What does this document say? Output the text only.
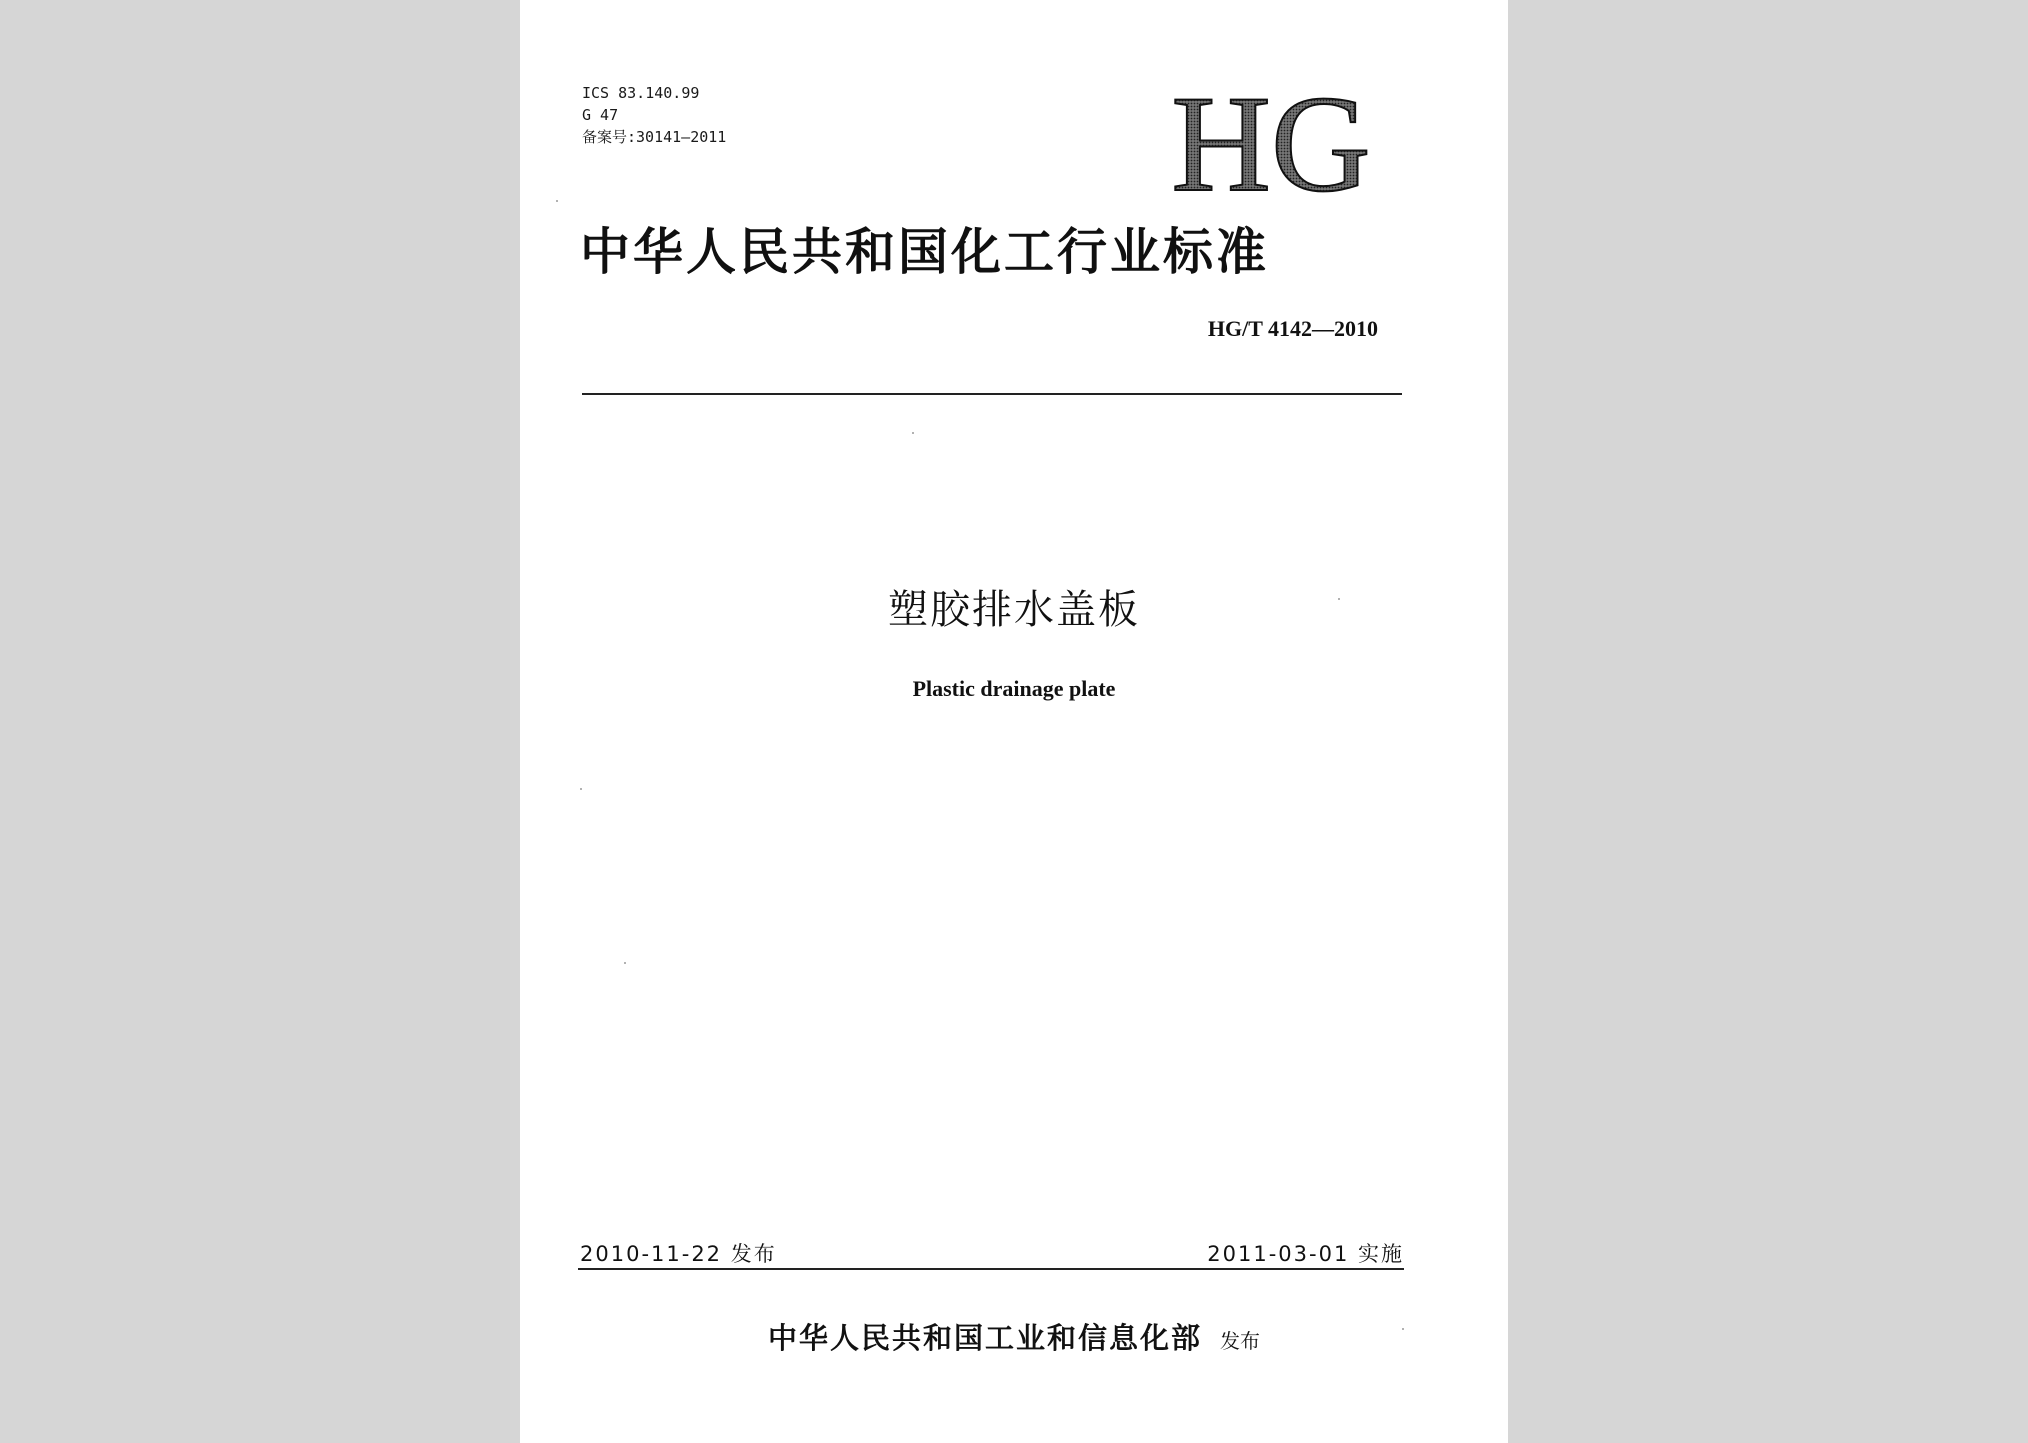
ICS 83.140.99
G 47
备案号:30141—2011	HG
中华人民共和国化工行业标准
HG/T 4142—2010
塑胶排水盖板
Plastic drainage plate
2010-11-22 发布	2011-03-01 实施
中华人民共和国工业和信息化部 发布
